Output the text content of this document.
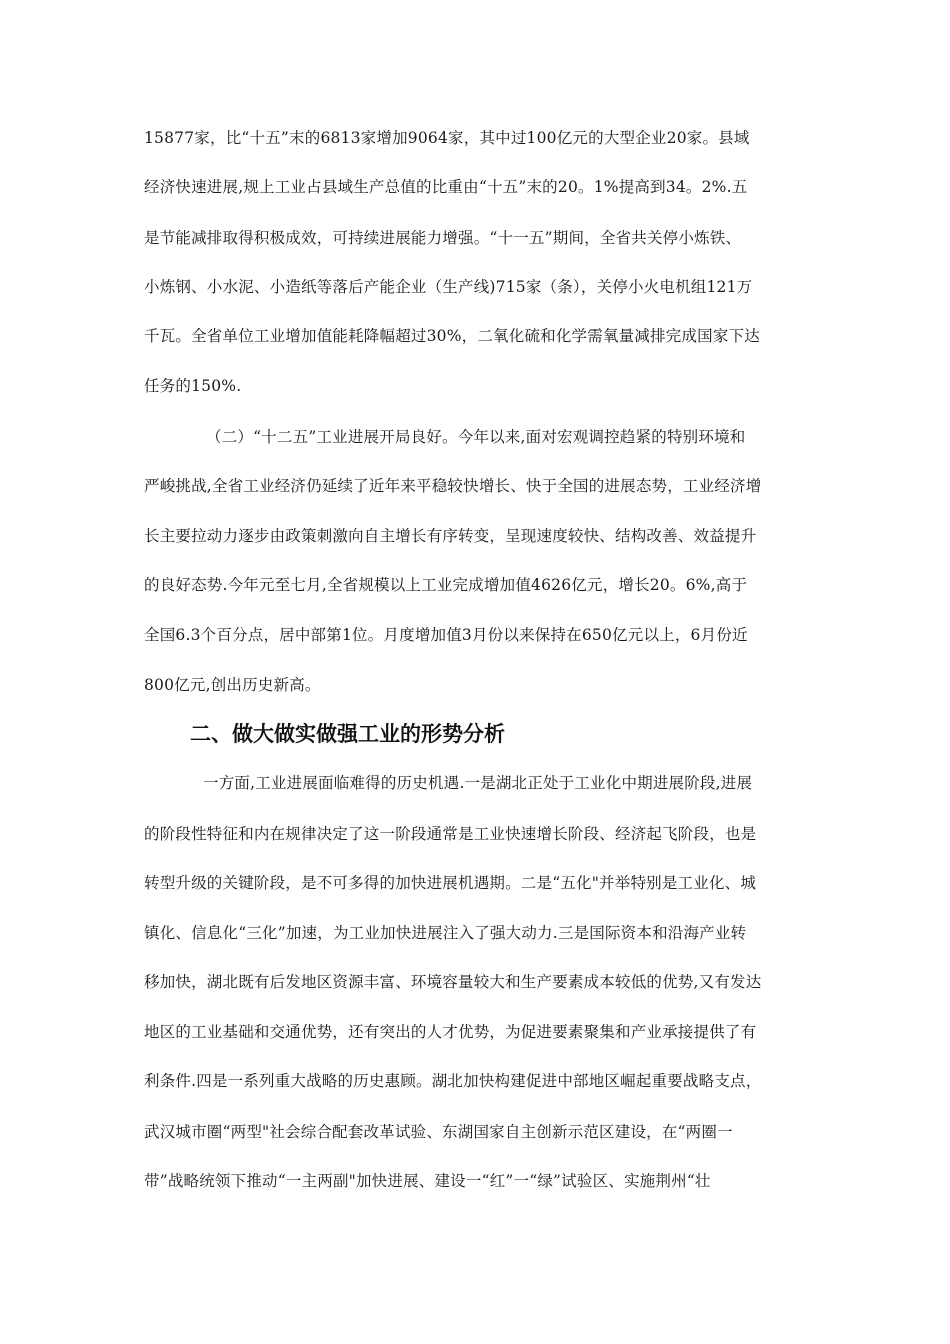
15877家，比“十五”末的6813家增加9064家，其中过100亿元的大型企业20家。县域
经济快速进展,规上工业占县域生产总值的比重由“十五”末的20。1%提高到34。2%.五
是节能减排取得积极成效，可持续进展能力增强。“十一五”期间，全省共关停小炼铁、
小炼钢、小水泥、小造纸等落后产能企业（生产线)715家（条），关停小火电机组121万
千瓦。全省单位工业增加值能耗降幅超过30%，二氧化硫和化学需氧量减排完成国家下达
任务的150%.
（二）“十二五”工业进展开局良好。今年以来,面对宏观调控趋紧的特别环境和
严峻挑战,全省工业经济仍延续了近年来平稳较快增长、快于全国的进展态势，工业经济增
长主要拉动力逐步由政策刺激向自主增长有序转变，呈现速度较快、结构改善、效益提升
的良好态势.今年元至七月,全省规模以上工业完成增加值4626亿元，增长20。6%,高于
全国6.3个百分点，居中部第1位。月度增加值3月份以来保持在650亿元以上，6月份近
800亿元,创出历史新高。
二、做大做实做强工业的形势分析
一方面,工业进展面临难得的历史机遇.一是湖北正处于工业化中期进展阶段,进展
的阶段性特征和内在规律决定了这一阶段通常是工业快速增长阶段、经济起飞阶段，也是
转型升级的关键阶段，是不可多得的加快进展机遇期。二是“五化"并举特别是工业化、城
镇化、信息化“三化”加速，为工业加快进展注入了强大动力.三是国际资本和沿海产业转
移加快，湖北既有后发地区资源丰富、环境容量较大和生产要素成本较低的优势,又有发达
地区的工业基础和交通优势，还有突出的人才优势，为促进要素聚集和产业承接提供了有
利条件.四是一系列重大战略的历史惠顾。湖北加快构建促进中部地区崛起重要战略支点，
武汉城市圈“两型"社会综合配套改革试验、东湖国家自主创新示范区建设，在“两圈一
带”战略统领下推动“一主两副"加快进展、建设一“红”一“绿”试验区、实施荆州“壮
